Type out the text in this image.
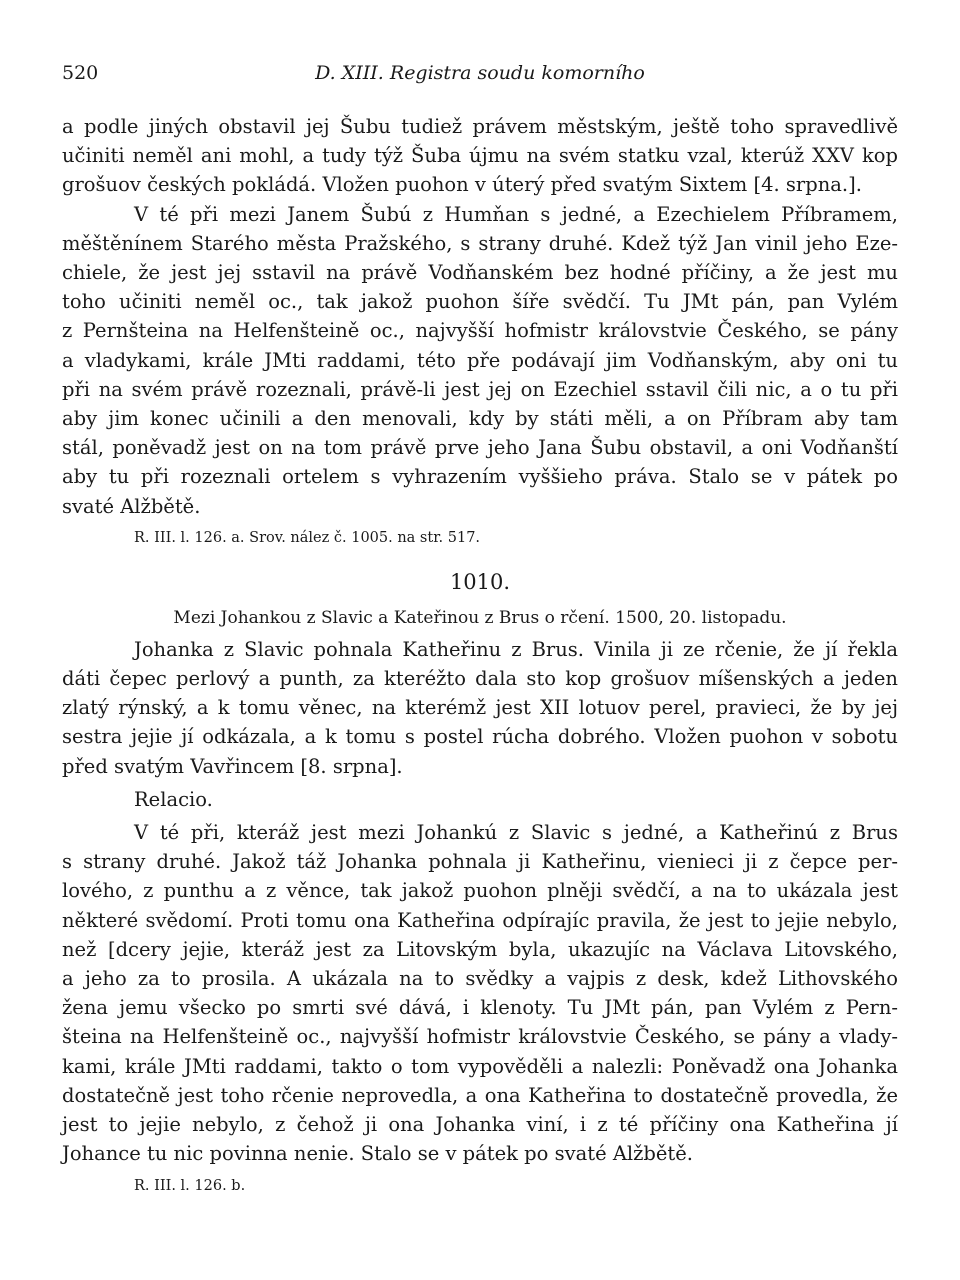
520	D. XIII. Registra soudu komorního
a podle jiných obstavil jej Šubu tudiež právem městským, ještě toho spravedlivě
učiniti neměl ani mohl, a tudy týž Šuba újmu na svém statku vzal, kterúž XXV kop
grošuov českých pokládá. Vložen puohon v úterý před svatým Sixtem [4. srpna.].
V té při mezi Janem Šubú z Humňan s jedné, a Ezechielem Příbramem,
měštěnínem Starého města Pražského, s strany druhé. Kdež týž Jan vinil jeho Eze-
chiele, že jest jej sstavil na právě Vodňanském bez hodné příčiny, a že jest mu
toho učiniti neměl oc., tak jakož puohon šíře svědčí. Tu JMt pán, pan Vylém
z Pernšteina na Helfenšteině oc., najvyšší hofmistr královstvie Českého, se pány
a vladykami, krále JMti raddami, této pře podávají jim Vodňanským, aby oni tu
při na svém právě rozeznali, právě-li jest jej on Ezechiel sstavil čili nic, a o tu při
aby jim konec učinili a den menovali, kdy by státi měli, a on Příbram aby tam
stál, poněvadž jest on na tom právě prve jeho Jana Šubu obstavil, a oni Vodňanští
aby tu při rozeznali ortelem s vyhrazením vyššieho práva. Stalo se v pátek po
svaté Alžbětě.
R. III. l. 126. a. Srov. nález č. 1005. na str. 517.
1010.
Mezi Johankou z Slavic a Kateřinou z Brus o rčení. 1500, 20. listopadu.
Johanka z Slavic pohnala Katheřinu z Brus. Vinila ji ze rčenie, že jí řekla
dáti čepec perlový a punth, za kteréžto dala sto kop grošuov míšenských a jeden
zlatý rýnský, a k tomu věnec, na kterémž jest XII lotuov perel, pravieci, že by jej
sestra jejie jí odkázala, a k tomu s postel rúcha dobrého. Vložen puohon v sobotu
před svatým Vavřincem [8. srpna].
Relacio.
V té při, kteráž jest mezi Johankú z Slavic s jedné, a Katheřinú z Brus
s strany druhé. Jakož táž Johanka pohnala ji Katheřinu, vienieci ji z čepce per-
lového, z punthu a z věnce, tak jakož puohon plněji svědčí, a na to ukázala jest
některé svědomí. Proti tomu ona Katheřina odpírajíc pravila, že jest to jejie nebylo,
než [dcery jejie, kteráž jest za Litovským byla, ukazujíc na Václava Litovského,
a jeho za to prosila. A ukázala na to svědky a vajpis z desk, kdež Lithovského
žena jemu všecko po smrti své dává, i klenoty. Tu JMt pán, pan Vylém z Pern-
šteina na Helfenšteině oc., najvyšší hofmistr královstvie Českého, se pány a vlady-
kami, krále JMti raddami, takto o tom vypověděli a nalezli: Poněvadž ona Johanka
dostatečně jest toho rčenie neprovedla, a ona Katheřina to dostatečně provedla, že
jest to jejie nebylo, z čehož ji ona Johanka viní, i z té příčiny ona Katheřina jí
Johance tu nic povinna nenie. Stalo se v pátek po svaté Alžbětě.
R. III. l. 126. b.
